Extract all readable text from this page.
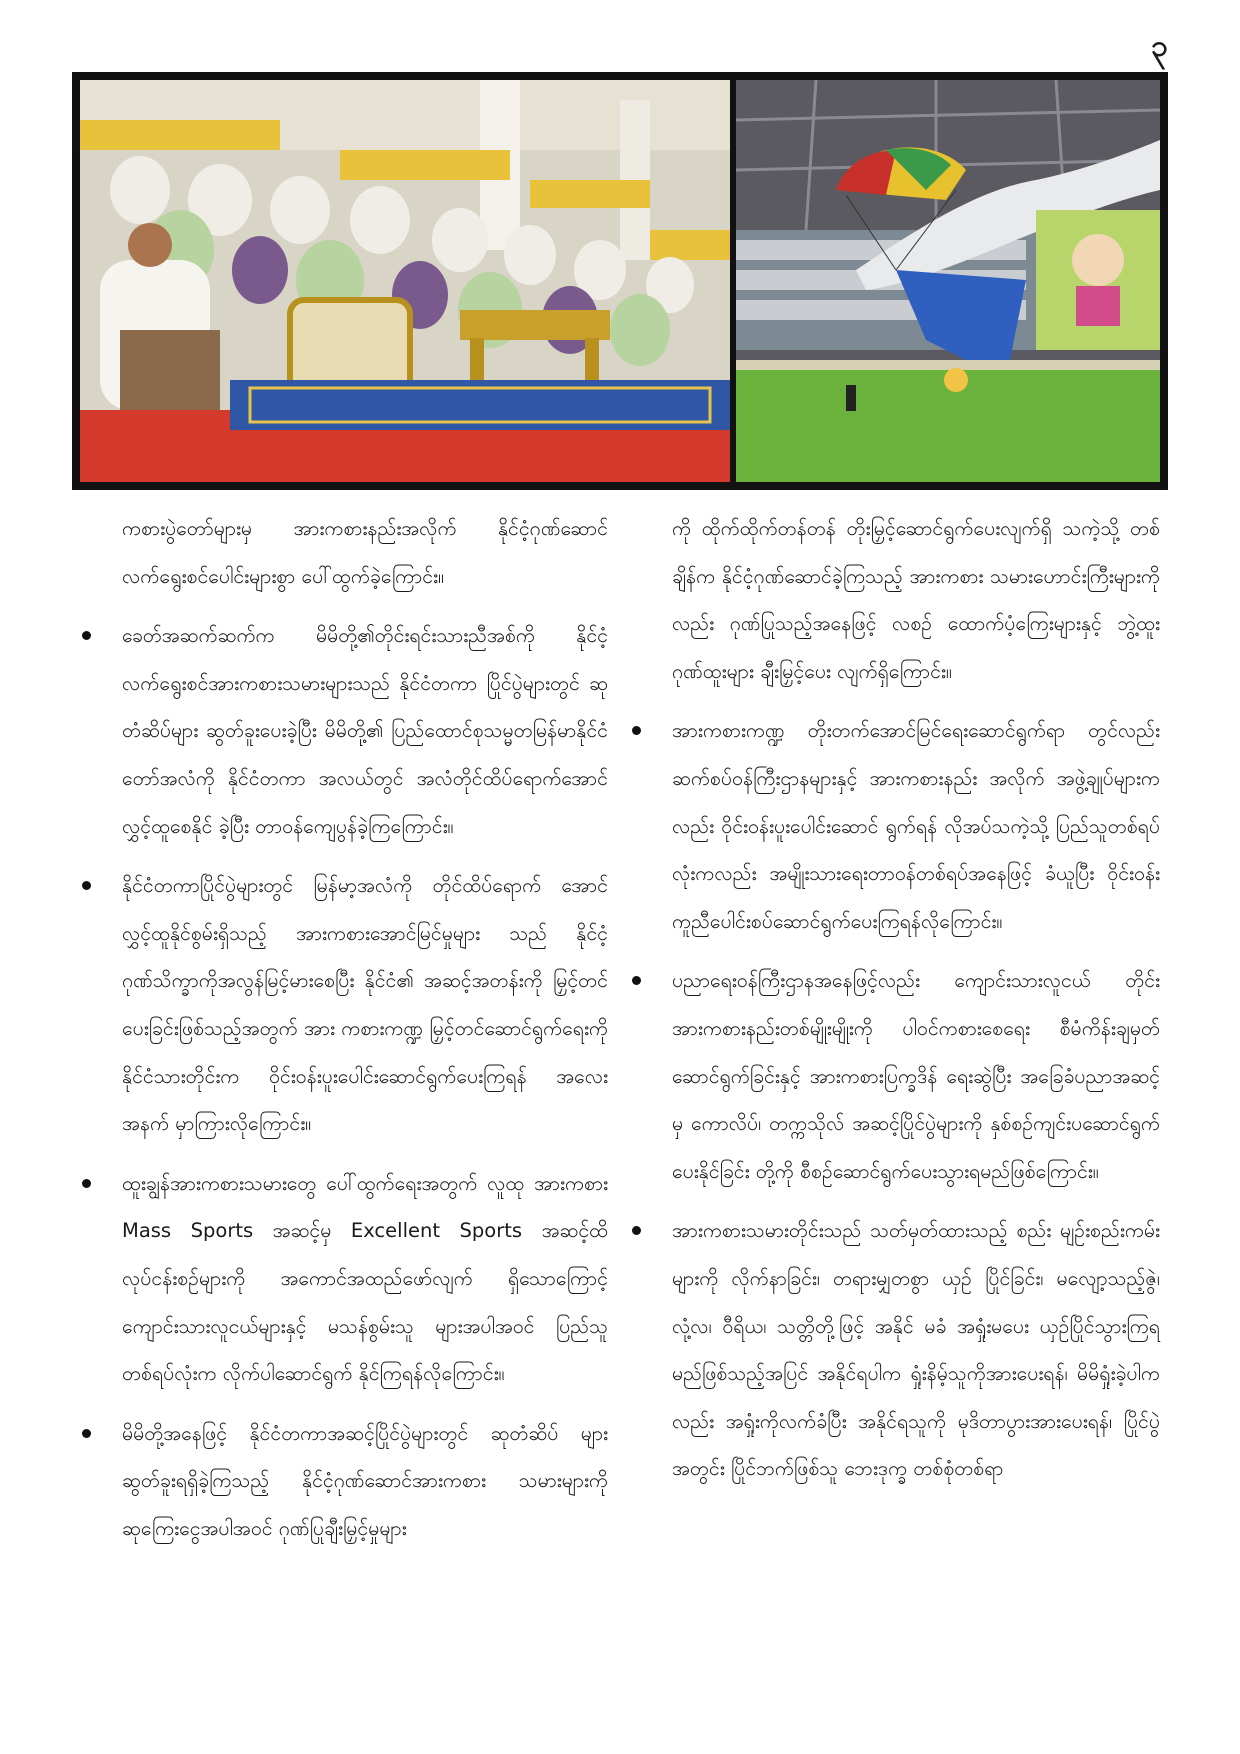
၃

ကစားပွဲတော်များမှ အားကစားနည်းအလိုက် နိုင်ငံ့ဂုဏ်ဆောင် လက်ရွေးစင်ပေါင်းများစွာ ပေါ်ထွက်ခဲ့ကြောင်း။

ခေတ်အဆက်ဆက်က မိမိတို့၏တိုင်းရင်းသားညီအစ်ကို နိုင်ငံ့လက်ရွေးစင်အားကစားသမားများသည် နိုင်ငံတကာ ပြိုင်ပွဲများတွင် ဆုတံဆိပ်များ ဆွတ်ခူးပေးခဲ့ပြီး မိမိတို့၏ ပြည်ထောင်စုသမ္မတမြန်မာနိုင်ငံတော်အလံကို နိုင်ငံတကာ အလယ်တွင် အလံတိုင်ထိပ်ရောက်အောင် လွှင့်ထူစေနိုင် ခဲ့ပြီး တာဝန်ကျေပွန်ခဲ့ကြကြောင်း။

နိုင်ငံတကာပြိုင်ပွဲများတွင် မြန်မာ့အလံကို တိုင်ထိပ်ရောက် အောင် လွှင့်ထူနိုင်စွမ်းရှိသည့် အားကစားအောင်မြင်မှုများ သည် နိုင်ငံ့ဂုဏ်သိက္ခာကိုအလွန်မြင့်မားစေပြီး နိုင်ငံ၏ အဆင့်အတန်းကို မြှင့်တင်ပေးခြင်းဖြစ်သည့်အတွက် အား ကစားကဏ္ဍ မြှင့်တင်ဆောင်ရွက်ရေးကို နိုင်ငံသားတိုင်းက ဝိုင်းဝန်းပူးပေါင်းဆောင်ရွက်ပေးကြရန် အလေးအနက် မှာကြားလိုကြောင်း။

ထူးချွန်အားကစားသမားတွေ ပေါ်ထွက်ရေးအတွက် လူထု အားကစား Mass Sports အဆင့်မှ Excellent Sports အဆင့်ထိ လုပ်ငန်းစဉ်များကို အကောင်အထည်ဖော်လျက် ရှိသောကြောင့် ကျောင်းသားလူငယ်များနှင့် မသန်စွမ်းသူ များအပါအဝင် ပြည်သူတစ်ရပ်လုံးက လိုက်ပါဆောင်ရွက် နိုင်ကြရန်လိုကြောင်း။

မိမိတို့အနေဖြင့် နိုင်ငံတကာအဆင့်ပြိုင်ပွဲများတွင် ဆုတံဆိပ် များ ဆွတ်ခူးရရှိခဲ့ကြသည့် နိုင်ငံ့ဂုဏ်ဆောင်အားကစား သမားများကို ဆုကြေးငွေအပါအဝင် ဂုဏ်ပြုချီးမြှင့်မှုများ

ကို ထိုက်ထိုက်တန်တန် တိုးမြှင့်ဆောင်ရွက်ပေးလျက်ရှိ သကဲ့သို့ တစ်ချိန်က နိုင်ငံ့ဂုဏ်ဆောင်ခဲ့ကြသည့် အားကစား သမားဟောင်းကြီးများကိုလည်း ဂုဏ်ပြုသည့်အနေဖြင့် လစဉ် ထောက်ပံ့ကြေးများနှင့် ဘွဲ့ထူးဂုဏ်ထူးများ ချီးမြှင့်ပေး လျက်ရှိကြောင်း။

အားကစားကဏ္ဍ တိုးတက်အောင်မြင်ရေးဆောင်ရွက်ရာ တွင်လည်း ဆက်စပ်ဝန်ကြီးဌာနများနှင့် အားကစားနည်း အလိုက် အဖွဲ့ချုပ်များကလည်း ဝိုင်းဝန်းပူးပေါင်းဆောင် ရွက်ရန် လိုအပ်သကဲ့သို့ ပြည်သူတစ်ရပ်လုံးကလည်း အမျိုးသားရေးတာဝန်တစ်ရပ်အနေဖြင့် ခံယူပြီး ဝိုင်းဝန်း ကူညီပေါင်းစပ်ဆောင်ရွက်ပေးကြရန်လိုကြောင်း။

ပညာရေးဝန်ကြီးဌာနအနေဖြင့်လည်း ကျောင်းသားလူငယ် တိုင်း အားကစားနည်းတစ်မျိုးမျိုးကို ပါဝင်ကစားစေရေး စီမံကိန်းချမှတ်ဆောင်ရွက်ခြင်းနှင့် အားကစားပြက္ခဒိန် ရေးဆွဲပြီး အခြေခံပညာအဆင့်မှ ကောလိပ်၊ တက္ကသိုလ် အဆင့်ပြိုင်ပွဲများကို နှစ်စဉ်ကျင်းပဆောင်ရွက်ပေးနိုင်ခြင်း တို့ကို စီစဉ်ဆောင်ရွက်ပေးသွားရမည်ဖြစ်ကြောင်း။

အားကစားသမားတိုင်းသည် သတ်မှတ်ထားသည့် စည်း မျဉ်းစည်းကမ်းများကို လိုက်နာခြင်း၊ တရားမျှတစွာ ယှဉ် ပြိုင်ခြင်း၊ မလျော့သည့်ဇွဲ၊ လုံ့လ၊ ဝီရိယ၊ သတ္တိတို့ဖြင့် အနိုင် မခံ အရှုံးမပေး ယှဉ်ပြိုင်သွားကြရမည်ဖြစ်သည့်အပြင် အနိုင်ရပါက ရှုံးနိမ့်သူကိုအားပေးရန်၊ မိမိရှုံးခဲ့ပါကလည်း အရှုံးကိုလက်ခံပြီး အနိုင်ရသူကို မုဒိတာပွားအားပေးရန်၊ ပြိုင်ပွဲအတွင်း ပြိုင်ဘက်ဖြစ်သူ ဘေးဒုက္ခ တစ်စုံတစ်ရာ
